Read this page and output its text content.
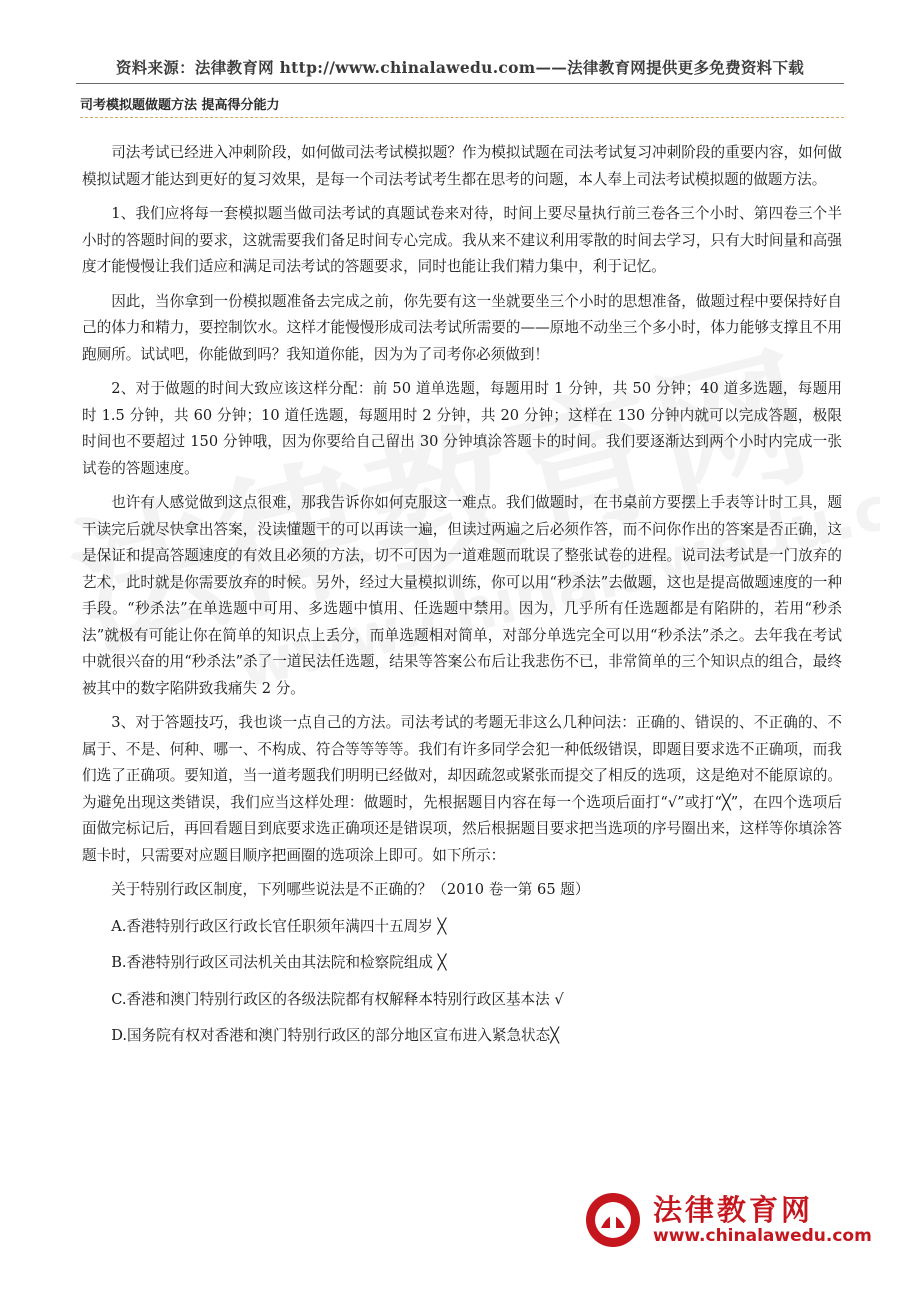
资料来源：法律教育网 http://www.chinalawedu.com——法律教育网提供更多免费资料下载
司考模拟题做题方法 提高得分能力

司法考试已经进入冲刺阶段，如何做司法考试模拟题？作为模拟试题在司法考试复习冲刺阶段的重要内容，如何做模拟试题才能达到更好的复习效果，是每一个司法考试考生都在思考的问题，本人奉上司法考试模拟题的做题方法。

1、我们应将每一套模拟题当做司法考试的真题试卷来对待，时间上要尽量执行前三卷各三个小时、第四卷三个半小时的答题时间的要求，这就需要我们备足时间专心完成。我从来不建议利用零散的时间去学习，只有大时间量和高强度才能慢慢让我们适应和满足司法考试的答题要求，同时也能让我们精力集中，利于记忆。

因此，当你拿到一份模拟题准备去完成之前，你先要有这一坐就要坐三个小时的思想准备，做题过程中要保持好自己的体力和精力，要控制饮水。这样才能慢慢形成司法考试所需要的——原地不动坐三个多小时，体力能够支撑且不用跑厕所。试试吧，你能做到吗？我知道你能，因为为了司考你必须做到！

2、对于做题的时间大致应该这样分配：前 50 道单选题，每题用时 1 分钟，共 50 分钟；40 道多选题，每题用时 1.5 分钟，共 60 分钟；10 道任选题，每题用时 2 分钟，共 20 分钟；这样在 130 分钟内就可以完成答题，极限时间也不要超过 150 分钟哦，因为你要给自己留出 30 分钟填涂答题卡的时间。我们要逐渐达到两个小时内完成一张试卷的答题速度。

也许有人感觉做到这点很难，那我告诉你如何克服这一难点。我们做题时，在书桌前方要摆上手表等计时工具，题干读完后就尽快拿出答案，没读懂题干的可以再读一遍，但读过两遍之后必须作答，而不问你作出的答案是否正确，这是保证和提高答题速度的有效且必须的方法，切不可因为一道难题而耽误了整张试卷的进程。说司法考试是一门放弃的艺术，此时就是你需要放弃的时候。另外，经过大量模拟训练，你可以用“秒杀法”去做题，这也是提高做题速度的一种手段。“秒杀法”在单选题中可用、多选题中慎用、任选题中禁用。因为，几乎所有任选题都是有陷阱的，若用“秒杀法”就极有可能让你在简单的知识点上丢分，而单选题相对简单，对部分单选完全可以用“秒杀法”杀之。去年我在考试中就很兴奋的用“秒杀法”杀了一道民法任选题，结果等答案公布后让我悲伤不已，非常简单的三个知识点的组合，最终被其中的数字陷阱致我痛失 2 分。

3、对于答题技巧，我也谈一点自己的方法。司法考试的考题无非这么几种问法：正确的、错误的、不正确的、不属于、不是、何种、哪一、不构成、符合等等等等。我们有许多同学会犯一种低级错误，即题目要求选不正确项，而我们选了正确项。要知道，当一道考题我们明明已经做对，却因疏忽或紧张而提交了相反的选项，这是绝对不能原谅的。为避免出现这类错误，我们应当这样处理：做题时，先根据题目内容在每一个选项后面打“√”或打“╳”，在四个选项后面做完标记后，再回看题目到底要求选正确项还是错误项，然后根据题目要求把当选项的序号圈出来，这样等你填涂答题卡时，只需要对应题目顺序把画圈的选项涂上即可。如下所示：

关于特别行政区制度，下列哪些说法是不正确的？（2010 卷一第 65 题）

A.香港特别行政区行政长官任职须年满四十五周岁 ╳

B.香港特别行政区司法机关由其法院和检察院组成 ╳

C.香港和澳门特别行政区的各级法院都有权解释本特别行政区基本法 √

D.国务院有权对香港和澳门特别行政区的部分地区宣布进入紧急状态╳

法律教育网
www.chinalawedu.com
